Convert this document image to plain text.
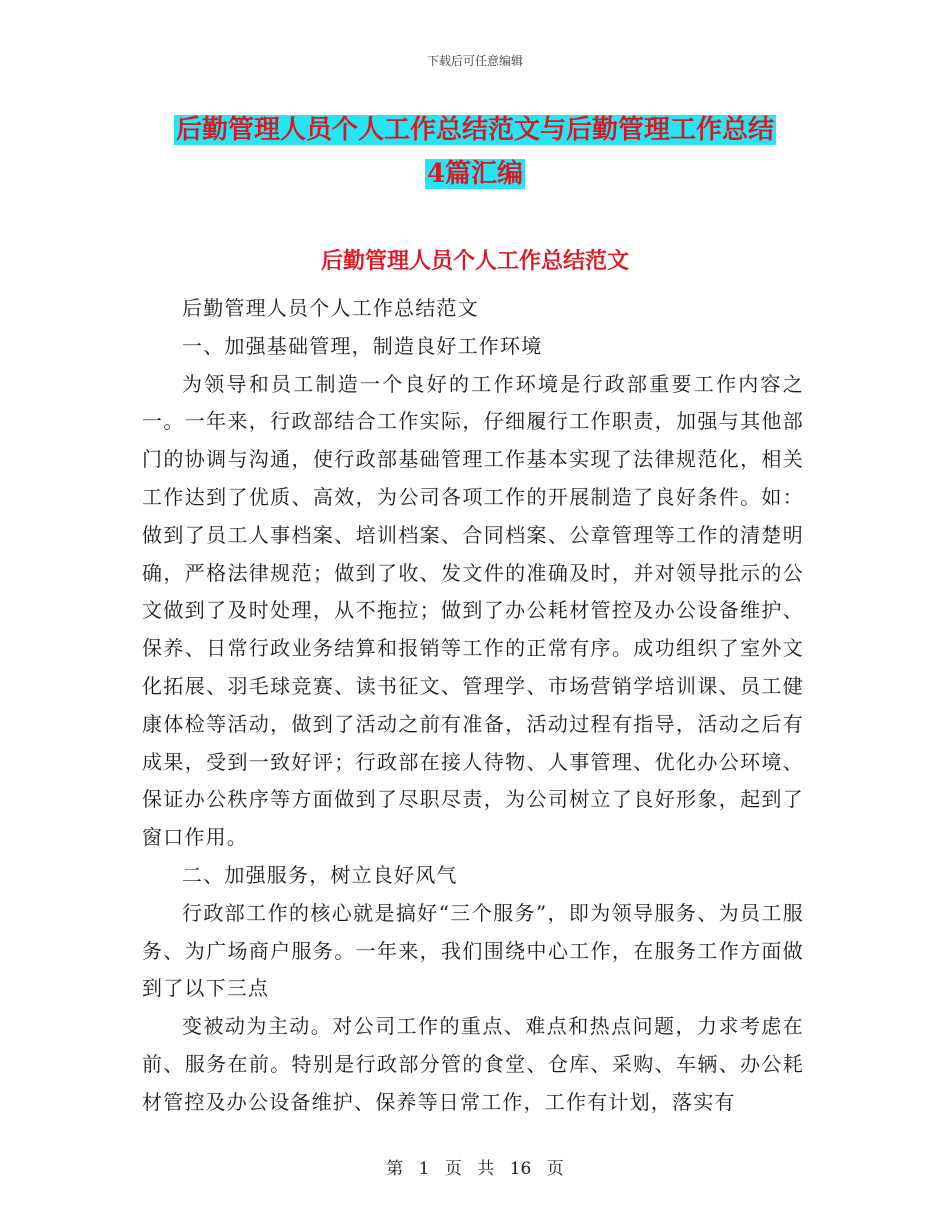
下载后可任意编辑
后勤管理人员个人工作总结范文与后勤管理工作总结
4篇汇编
后勤管理人员个人工作总结范文

后勤管理人员个人工作总结范文

一、加强基础管理，制造良好工作环境

为领导和员工制造一个良好的工作环境是行政部重要工作内容之一。一年来，行政部结合工作实际，仔细履行工作职责，加强与其他部门的协调与沟通，使行政部基础管理工作基本实现了法律规范化，相关工作达到了优质、高效，为公司各项工作的开展制造了良好条件。如：做到了员工人事档案、培训档案、合同档案、公章管理等工作的清楚明确，严格法律规范；做到了收、发文件的准确及时，并对领导批示的公文做到了及时处理，从不拖拉；做到了办公耗材管控及办公设备维护、保养、日常行政业务结算和报销等工作的正常有序。成功组织了室外文化拓展、羽毛球竞赛、读书征文、管理学、市场营销学培训课、员工健康体检等活动，做到了活动之前有准备，活动过程有指导，活动之后有成果，受到一致好评；行政部在接人待物、人事管理、优化办公环境、保证办公秩序等方面做到了尽职尽责，为公司树立了良好形象，起到了窗口作用。

二、加强服务，树立良好风气

行政部工作的核心就是搞好“三个服务”，即为领导服务、为员工服务、为广场商户服务。一年来，我们围绕中心工作，在服务工作方面做到了以下三点

变被动为主动。对公司工作的重点、难点和热点问题，力求考虑在前、服务在前。特别是行政部分管的食堂、仓库、采购、车辆、办公耗材管控及办公设备维护、保养等日常工作，工作有计划，落实有

第 1 页 共 16 页
